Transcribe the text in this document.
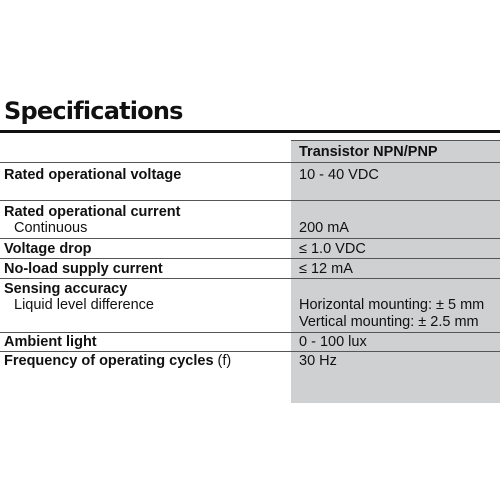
Specifications
Transistor NPN/PNP
Rated operational voltage	10 - 40 VDC
Rated operational current
Continuous	200 mA
Voltage drop	≤ 1.0 VDC
No-load supply current	≤ 12 mA
Sensing accuracy
Liquid level difference	Horizontal mounting: ± 5 mm
Vertical mounting: ± 2.5 mm
Ambient light	0 - 100 lux
Frequency of operating cycles (f)	30 Hz
